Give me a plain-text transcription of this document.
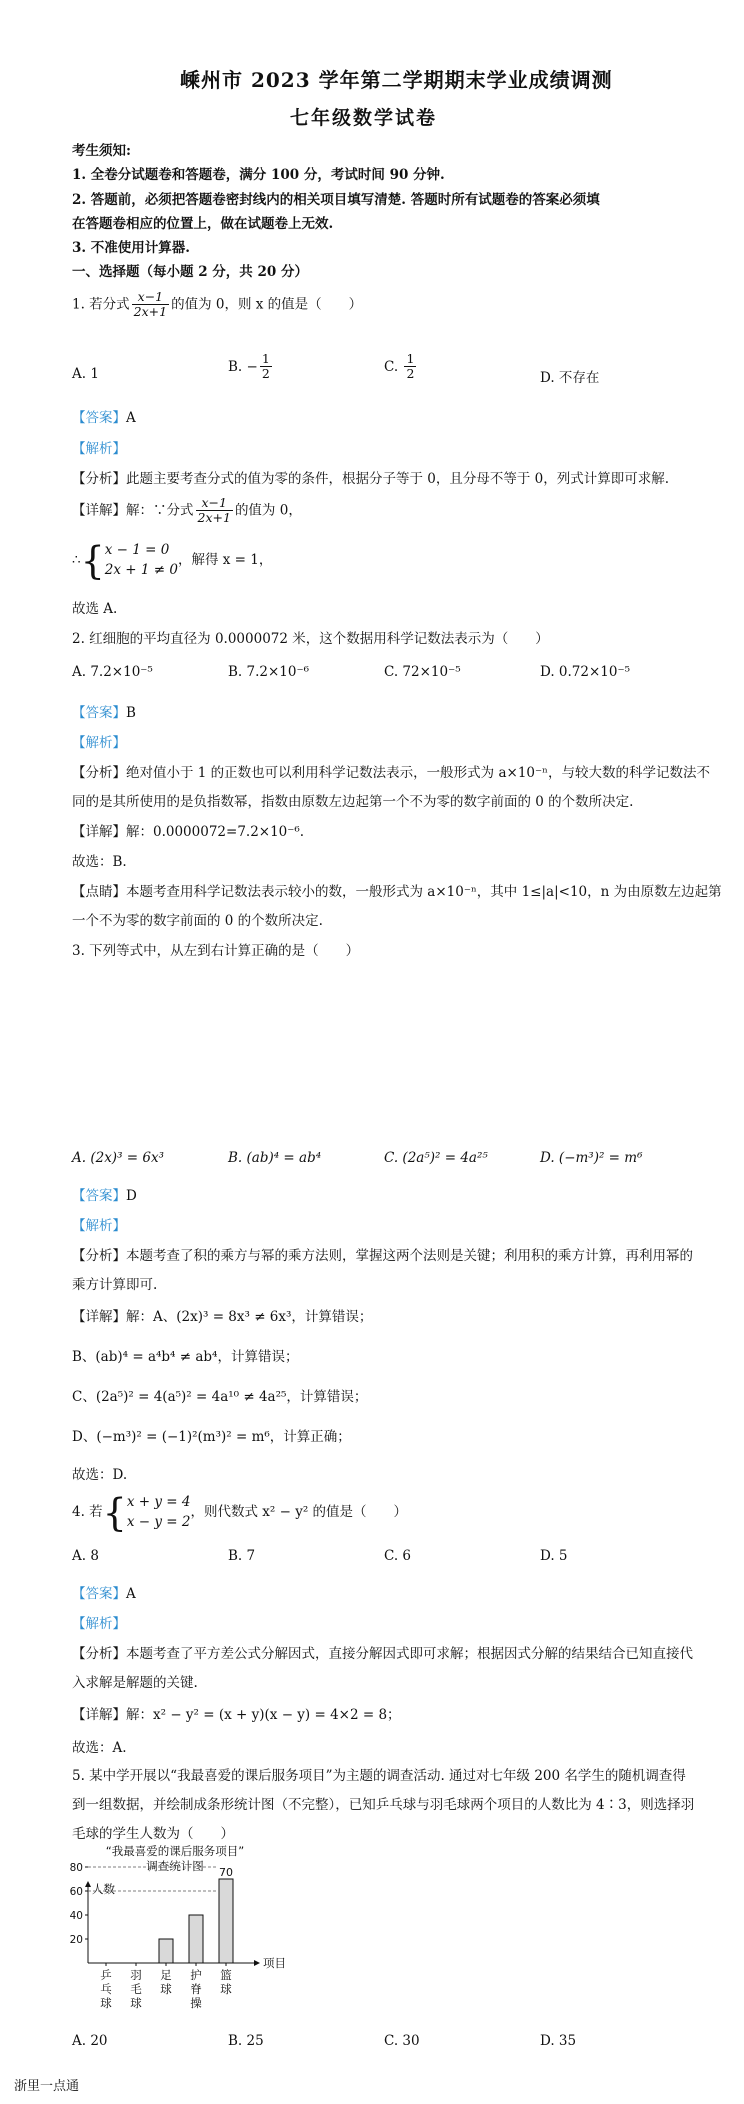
嵊州市 2023 学年第二学期期末学业成绩调测
七年级数学试卷
考生须知:
1. 全卷分试题卷和答题卷，满分 100 分，考试时间 90 分钟.
2. 答题前，必须把答题卷密封线内的相关项目填写清楚. 答题时所有试题卷的答案必须填
在答题卷相应的位置上，做在试题卷上无效.
3. 不准使用计算器.
一、选择题（每小题 2 分，共 20 分）
1. 若分式 $\frac{x-1}{2x+1}$ 的值为 0，则 x 的值是（　　）
A. 1	B. − $\frac{1}{2}$	C. $\frac{1}{2}$	D. 不存在
【答案】A
【解析】
【分析】此题主要考查分式的值为零的条件，根据分子等于 0，且分母不等于 0，列式计算即可求解.
【详解】解：∵分式 $\frac{x-1}{2x+1}$ 的值为 0，
∴{ x − 1 = 0
2x + 1 ≠ 0
，解得 x = 1，
故选 A.
2. 红细胞的平均直径为 0.0000072 米，这个数据用科学记数法表示为（　　）
A. 7.2×10⁻⁵	B. 7.2×10⁻⁶	C. 72×10⁻⁵	D. 0.72×10⁻⁵
【答案】B
【解析】
【分析】绝对值小于 1 的正数也可以利用科学记数法表示，一般形式为 a×10⁻ⁿ，与较大数的科学记数法不
同的是其所使用的是负指数幂，指数由原数左边起第一个不为零的数字前面的 0 的个数所决定.
【详解】解：0.0000072=7.2×10⁻⁶.
故选：B.
【点睛】本题考查用科学记数法表示较小的数，一般形式为 a×10⁻ⁿ，其中 1≤|a|<10，n 为由原数左边起第
一个不为零的数字前面的 0 的个数所决定.
3. 下列等式中，从左到右计算正确的是（　　）
A. (2x)³ = 6x³	B. (ab)⁴ = ab⁴	C. (2a⁵)² = 4a²⁵	D. (−m³)² = m⁶
【答案】D
【解析】
【分析】本题考查了积的乘方与幂的乘方法则，掌握这两个法则是关键；利用积的乘方计算，再利用幂的
乘方计算即可.
【详解】解：A、(2x)³ = 8x³ ≠ 6x³，计算错误；
B、(ab)⁴ = a⁴b⁴ ≠ ab⁴，计算错误；
C、(2a⁵)² = 4(a⁵)² = 4a¹⁰ ≠ 4a²⁵，计算错误；
D、(−m³)² = (−1)²(m³)² = m⁶，计算正确；
故选：D.
4. 若{ x + y = 4
x − y = 2
，则代数式 x² − y² 的值是（　　）
A. 8	B. 7	C. 6	D. 5
【答案】A
【解析】
【分析】本题考查了平方差公式分解因式，直接分解因式即可求解；根据因式分解的结果结合已知直接代
入求解是解题的关键.
【详解】解：x² − y² = (x + y)(x − y) = 4×2 = 8；
故选：A.
5. 某中学开展以“我最喜爱的课后服务项目”为主题的调查活动. 通过对七年级 200 名学生的随机调查得
到一组数据，并绘制成条形统计图（不完整），已知乒乓球与羽毛球两个项目的人数比为 4∶3，则选择羽
毛球的学生人数为（　　）
“我最喜爱的课后服务项目”
调查统计图
人数
项目
20
40
60
80
乒乓球
羽毛球
足球
护脊操
篮球
70
A. 20	B. 25	C. 30	D. 35
浙里一点通
